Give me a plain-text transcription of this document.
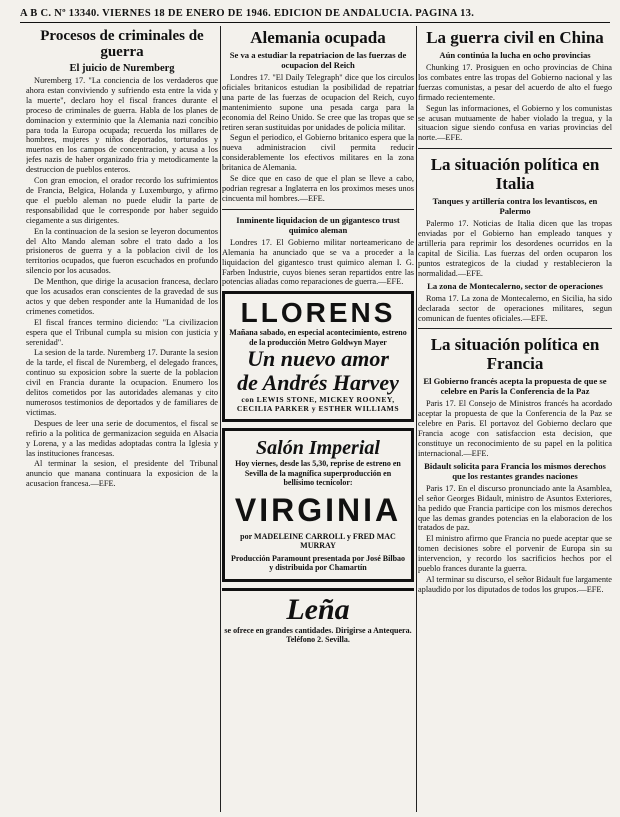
A B C. Nº 13340. VIERNES 18 DE ENERO DE 1946. EDICION DE ANDALUCIA. PAGINA 13.
Procesos de criminales de guerra
El juicio de Nuremberg

Nuremberg 17. "La conciencia de los verdaderos que ahora estan conviviendo y sufriendo esta entre la vida y la muerte", declaro hoy el fiscal frances durante el proceso de criminales de guerra. Habla de los planes de dominacion y exterminio que la Alemania nazi concibio para toda la Europa ocupada; recuerda los millares de hombres, mujeres y niños deportados, torturados y muertos en los campos de concentracion, y acusa a los jefes nazis de haber organizado fria y metodicamente la destruccion de pueblos enteros.

Con gran emocion, el orador recordo los sufrimientos de Francia, Belgica, Holanda y Luxemburgo, y afirmo que el pueblo aleman no puede eludir la parte de responsabilidad que le corresponde por haber seguido ciegamente a sus dirigentes.

En la continuacion de la sesion se leyeron documentos del Alto Mando aleman sobre el trato dado a los prisioneros de guerra y a la poblacion civil de los territorios ocupados, que fueron escuchados en profundo silencio por los acusados.

De Menthon, que dirige la acusacion francesa, declaro que los acusados eran conscientes de la gravedad de sus actos y que deben responder ante la Humanidad de los crimenes cometidos.

El fiscal frances termino diciendo: "La civilizacion espera que el Tribunal cumpla su mision con justicia y serenidad".

La sesion de la tarde. Nuremberg 17. Durante la sesion de la tarde, el fiscal de Nuremberg, el delegado frances, continuo su exposicion sobre la suerte de la poblacion civil en Francia durante la ocupacion. Enumero los delitos cometidos por las autoridades alemanas y cito numerosos testimonios de deportados y de familiares de victimas.

Despues de leer una serie de documentos, el fiscal se refirio a la politica de germanizacion seguida en Alsacia y Lorena, y a las medidas adoptadas contra la Iglesia y las instituciones francesas.

Al terminar la sesion, el presidente del Tribunal anuncio que manana continuara la exposicion de la acusacion francesa.—EFE.

Alemania ocupada
Se va a estudiar la repatriacion de las fuerzas de ocupacion del Reich

Londres 17. "El Daily Telegraph" dice que los circulos oficiales britanicos estudian la posibilidad de repatriar una parte de las fuerzas de ocupacion del Reich, cuyo mantenimiento supone una pesada carga para la economia del Reino Unido. Se cree que las tropas que se retiren seran sustituidas por unidades de policia militar.

Segun el periodico, el Gobierno britanico espera que la nueva administracion civil permita reducir considerablemente los efectivos militares en la zona britanica de Alemania.

Se dice que en caso de que el plan se lleve a cabo, podrian regresar a Inglaterra en los proximos meses unos cincuenta mil hombres.—EFE.

Inminente liquidacion de un gigantesco trust quimico aleman

Londres 17. El Gobierno militar norteamericano de Alemania ha anunciado que se va a proceder a la liquidacion del gigantesco trust quimico aleman I. G. Farben Industrie, cuyos bienes seran repartidos entre las potencias aliadas como reparaciones de guerra.—EFE.

LLORENS
Mañana sabado, en especial acontecimiento, estreno de la producción Metro Goldwyn Mayer
Un nuevo amor
de Andrés Harvey
con LEWIS STONE, MICKEY ROONEY, CECILIA PARKER y ESTHER WILLIAMS
Salón Imperial
Hoy viernes, desde las 5,30, reprise de estreno en Sevilla de la magnífica superproducción en bellísimo tecnicolor:
VIRGINIA
por MADELEINE CARROLL y FRED MAC MURRAY
Producción Paramount presentada por José Bilbao y distribuida por Chamartín
Leña
se ofrece en grandes cantidades. Dirigirse a Antequera. Teléfono 2. Sevilla.
La guerra civil en China
Aún continúa la lucha en ocho provincias

Chunking 17. Prosiguen en ocho provincias de China los combates entre las tropas del Gobierno nacional y las fuerzas comunistas, a pesar del acuerdo de alto el fuego firmado recientemente.

Segun las informaciones, el Gobierno y los comunistas se acusan mutuamente de haber violado la tregua, y la situacion sigue siendo confusa en varias provincias del norte.—EFE.

La situación política en Italia
Tanques y artillería contra los levantiscos, en Palermo

Palermo 17. Noticias de Italia dicen que las tropas enviadas por el Gobierno han empleado tanques y artilleria para reprimir los desordenes ocurridos en la capital de Sicilia. Las fuerzas del orden ocuparon los puntos estrategicos de la ciudad y restablecieron la normalidad.—EFE.

La zona de Montecalerno, sector de operaciones

Roma 17. La zona de Montecalerno, en Sicilia, ha sido declarada sector de operaciones militares, segun comunican de fuentes oficiales.—EFE.

La situación política en Francia
El Gobierno francés acepta la propuesta de que se celebre en París la Conferencia de la Paz

Paris 17. El Consejo de Ministros francés ha acordado aceptar la propuesta de que la Conferencia de la Paz se celebre en Paris. El portavoz del Gobierno declaro que Francia acoge con satisfaccion esta decision, que constituye un reconocimiento de su papel en la politica internacional.—EFE.

Bidault solicita para Francia los mismos derechos que los restantes grandes naciones

Paris 17. En el discurso pronunciado ante la Asamblea, el señor Georges Bidault, ministro de Asuntos Exteriores, ha pedido que Francia participe con los mismos derechos que las demas grandes potencias en la elaboracion de los tratados de paz.

El ministro afirmo que Francia no puede aceptar que se tomen decisiones sobre el porvenir de Europa sin su intervencion, y recordo los sacrificios hechos por el pueblo frances durante la guerra.

Al terminar su discurso, el señor Bidault fue largamente aplaudido por los diputados de todos los grupos.—EFE.
